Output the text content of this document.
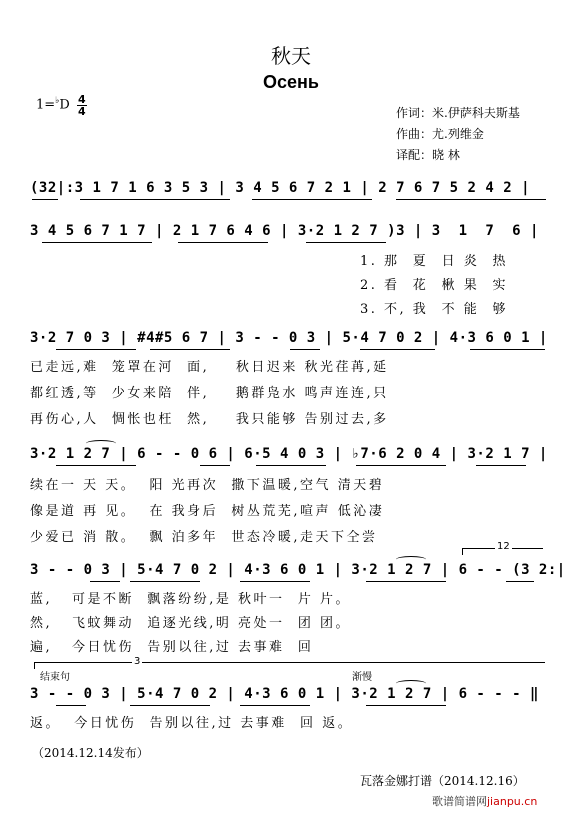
秋天
Осень
1=♭D 4
4	作词：米.伊萨科夫斯基
作曲：尤.列维金
译配：晓 林
(32|:3 1 7 1 6 3 5 3 | 3 4 5 6 7 2 1 | 2 7 6 7 5 2 4 2 |
3 4 5 6 7 1 7 | 2 1 7 6 4 6 | 3·2 1 2 7 )3 | 3  1  7  6 |
1. 那  夏  日 炎  热
2. 看  花  楸 果  实
3. 不, 我  不 能  够
3·2 7 0 3 | #4#5 6 7 | 3 - - 0 3 | 5·4 7 0 2 | 4·3 6 0 1 |
已走远,难  笼罩在河  面,    秋日迟来 秋光荏苒,延
都红透,等  少女来陪  伴,    鹅群凫水 鸣声连连,只
再伤心,人  惆怅也枉  然,    我只能够 告别过去,多
3·2 1 2 7 | 6 - - 0 6 | 6·5 4 0 3 | ♭7·6 2 0 4 | 3·2 1 7 |
续在一 天 天。  阳 光再次  撒下温暖,空气 清天碧
像是道 再 见。  在 我身后  树丛荒芜,喧声 低沁凄
少爱已 消 散。  飘 泊多年  世态冷暖,走天下仝尝
12
3 - - 0 3 | 5·4 7 0 2 | 4·3 6 0 1 | 3·2 1 2 7 | 6 - - (3 2:|
蓝,   可是不断  飘落纷纷,是 秋叶一  片 片。
然,   飞蚊舞动  追逐光线,明 亮处一  团 团。
遍,   今日忧伤  告别以往,过 去事难  回
结束句
3
渐慢
3 - - 0 3 | 5·4 7 0 2 | 4·3 6 0 1 | 3·2 1 2 7 | 6 - - - ‖
返。  今日忧伤  告别以往,过 去事难  回 返。
（2014.12.14发布）
瓦落金娜打谱（2014.12.16）
歌谱简谱网jianpu.cn
